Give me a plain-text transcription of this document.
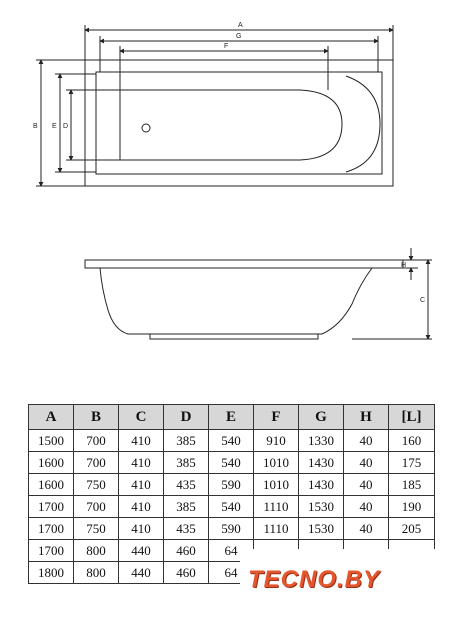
A
G
F
B E D
H
C
A	B	C	D	E	F	G	H	[L]
1500	700	410	385	540	910	1330	40	160
1600	700	410	385	540	1010	1430	40	175
1600	750	410	435	590	1010	1430	40	185
1700	700	410	385	540	1110	1530	40	190
1700	750	410	435	590	1110	1530	40	205
1700	800	440	460	64				
1800	800	440	460	64				TECNO.BY
